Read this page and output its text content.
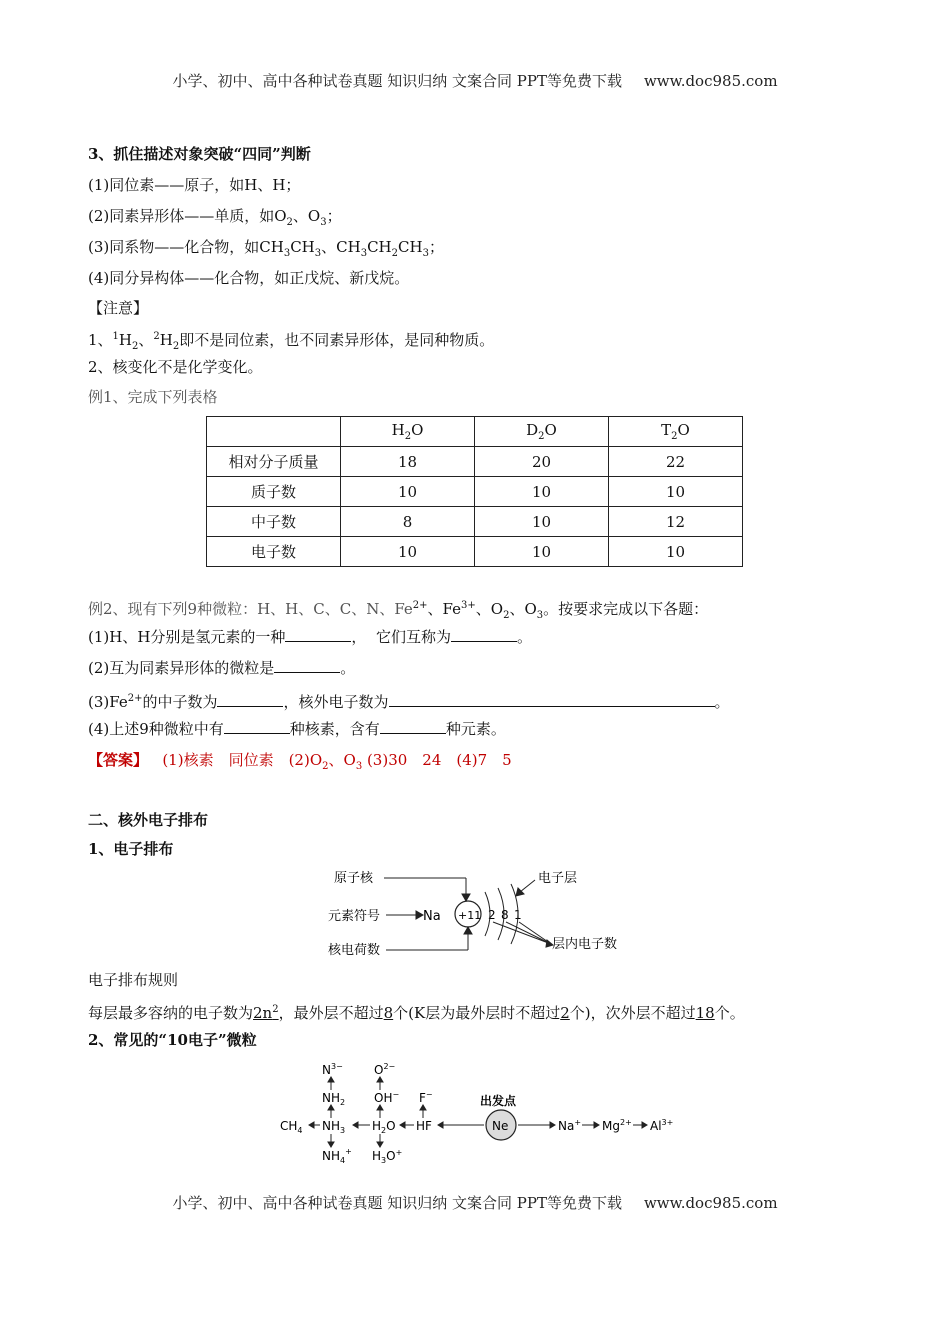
小学、初中、高中各种试卷真题 知识归纳 文案合同 PPT等免费下载 www.doc985.com
3、抓住描述对象突破“四同”判断
(1)同位素——原子，如H、H；
(2)同素异形体——单质，如$O_2$、$O_3$；
(3)同系物——化合物，如$CH_3CH_3$、$CH_3CH_2CH_3$；
(4)同分异构体——化合物，如正戊烷、新戊烷。
【注意】
1、$^1H_2$、$^2H_2$即不是同位素，也不同素异形体，是同种物质。
2、核变化不是化学变化。
例1、完成下列表格
	$H_2O$	$D_2O$	$T_2O$
相对分子质量	18	20	22
质子数	10	10	10
中子数	8	10	12
电子数	10	10	10
例2、现有下列9种微粒：H、H、C、C、N、$Fe^{2+}$、$Fe^{3+}$、$O_2$、$O_3$。按要求完成以下各题：
(1)H、H分别是氢元素的一种	， 它们互称为	。
(2)互为同素异形体的微粒是	。
$(3)Fe^{2+}$的中子数为	，核外电子数为	。
(4)上述9种微粒中有	种核素，含有	种元素。
【答案】 (1)核素　同位素　$(2)O_2$、$O_3$ (3)30　24　(4)7　5
二、核外电子排布
1、电子排布
原子核
元素符号
核电荷数
Na +11 2 8 1
电子层
层内电子数
电子排布规则
每层最多容纳的电子数为$2n^2$，最外层不超过8个(K层为最外层时不超过2个)，次外层不超过18个。
2、常见的“10电子”微粒
$N^{3-}$
$NH_2$
$NH_3$
$NH_4^+$
$CH_4$
$O^{2-}$
OH−
$H_2O$
$H_3O^+$
F−
HF
出发点
Ne	Na+ $Mg^{2+}$ $Al^{3+}$
小学、初中、高中各种试卷真题 知识归纳 文案合同 PPT等免费下载 www.doc985.com
